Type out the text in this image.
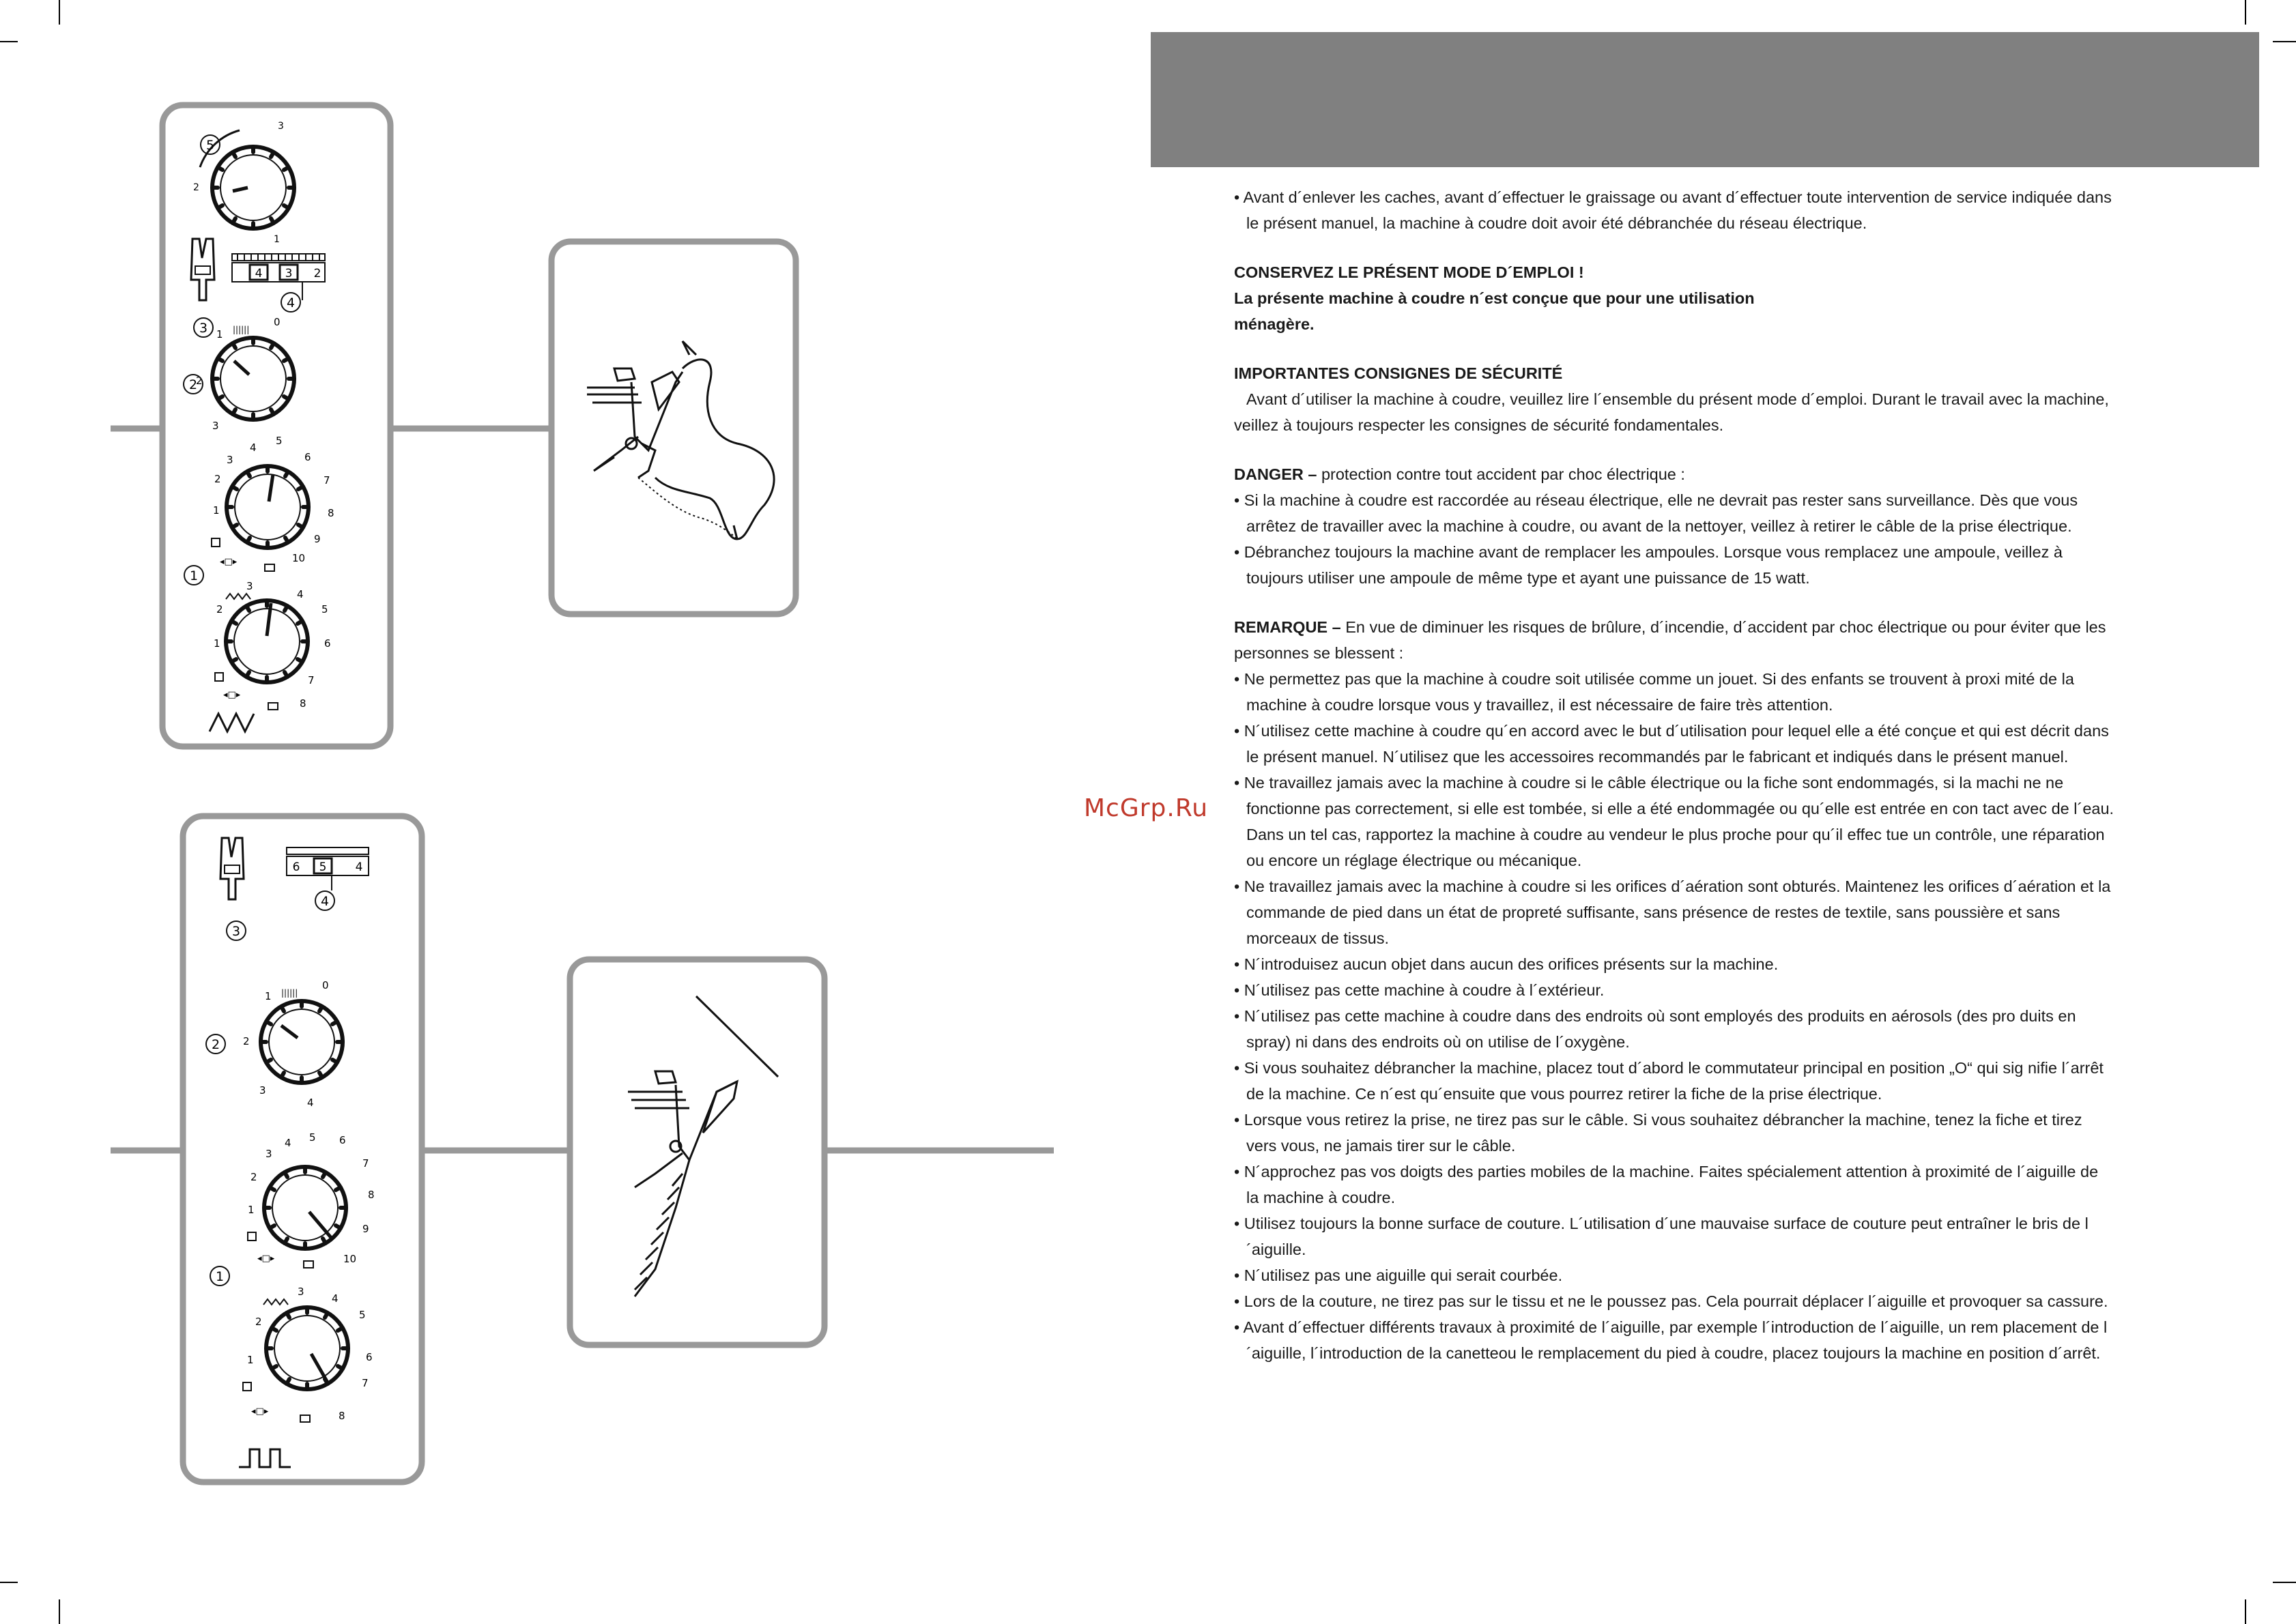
3
2
1
5
3
4 3 2
4
||||||
0
1
2
3
2
1
2
3
4
5
6
7
8
9
10
◂□▸
1
1
2
3
4
5
6
7
8
◂□▸
3
6 5 4
4
||||||
0
1
2
3
4
2
1
2
3
4 5 6
7
8
9
10
◂□▸
1
1
2
3
4
5
6
7
8
◂□▸
McGrp.Ru

• Avant d´enlever les caches, avant d´effectuer le graissage ou avant d´effectuer toute intervention de service indiquée dans le présent manuel, la machine à coudre doit avoir été débranchée du réseau électrique.

CONSERVEZ LE PRÉSENT MODE D´EMPLOI !

La présente machine à coudre n´est conçue que pour une utilisation ménagère.

IMPORTANTES CONSIGNES DE SÉCURITÉ

Avant d´utiliser la machine à coudre, veuillez lire l´ensemble du présent mode d´emploi. Durant le travail avec la machine, veillez à toujours respecter les consignes de sécurité fondamentales.

DANGER – protection contre tout accident par choc électrique :

• Si la machine à coudre est raccordée au réseau électrique, elle ne devrait pas rester sans surveillance. Dès que vous arrêtez de travailler avec la machine à coudre, ou avant de la nettoyer, veillez à retirer le câble de la prise électrique.

• Débranchez toujours la machine avant de remplacer les ampoules. Lorsque vous remplacez une ampoule, veillez à toujours utiliser une ampoule de même type et ayant une puissance de 15 watt.

REMARQUE – En vue de diminuer les risques de brûlure, d´incendie, d´accident par choc électrique ou pour éviter que les personnes se blessent :

• Ne permettez pas que la machine à coudre soit utilisée comme un jouet. Si des enfants se trouvent à proxi mité de la machine à coudre lorsque vous y travaillez, il est nécessaire de faire très attention.

• N´utilisez cette machine à coudre qu´en accord avec le but d´utilisation pour lequel elle a été conçue et qui est décrit dans le présent manuel. N´utilisez que les accessoires recommandés par le fabricant et indiqués dans le présent manuel.

• Ne travaillez jamais avec la machine à coudre si le câble électrique ou la fiche sont endommagés, si la machi ne ne fonctionne pas correctement, si elle est tombée, si elle a été endommagée ou qu´elle est entrée en con tact avec de l´eau. Dans un tel cas, rapportez la machine à coudre au vendeur le plus proche pour qu´il effec tue un contrôle, une réparation ou encore un réglage électrique ou mécanique.

• Ne travaillez jamais avec la machine à coudre si les orifices d´aération sont obturés. Maintenez les orifices d´aération et la commande de pied dans un état de propreté suffisante, sans présence de restes de textile, sans poussière et sans morceaux de tissus.

• N´introduisez aucun objet dans aucun des orifices présents sur la machine.

• N´utilisez pas cette machine à coudre à l´extérieur.

• N´utilisez pas cette machine à coudre dans des endroits où sont employés des produits en aérosols (des pro duits en spray) ni dans des endroits où on utilise de l´oxygène.

• Si vous souhaitez débrancher la machine, placez tout d´abord le commutateur principal en position „O“ qui sig nifie l´arrêt de la machine. Ce n´est qu´ensuite que vous pourrez retirer la fiche de la prise électrique.

• Lorsque vous retirez la prise, ne tirez pas sur le câble. Si vous souhaitez débrancher la machine, tenez la fiche et tirez vers vous, ne jamais tirer sur le câble.

• N´approchez pas vos doigts des parties mobiles de la machine. Faites spécialement attention à proximité de l´aiguille de la machine à coudre.

• Utilisez toujours la bonne surface de couture. L´utilisation d´une mauvaise surface de couture peut entraîner le bris de l´aiguille.

• N´utilisez pas une aiguille qui serait courbée.

• Lors de la couture, ne tirez pas sur le tissu et ne le poussez pas. Cela pourrait déplacer l´aiguille et provoquer sa cassure.

• Avant d´effectuer différents travaux à proximité de l´aiguille, par exemple l´introduction de l´aiguille, un rem placement de l´aiguille, l´introduction de la canetteou le remplacement du pied à coudre, placez toujours la machine en position d´arrêt.
